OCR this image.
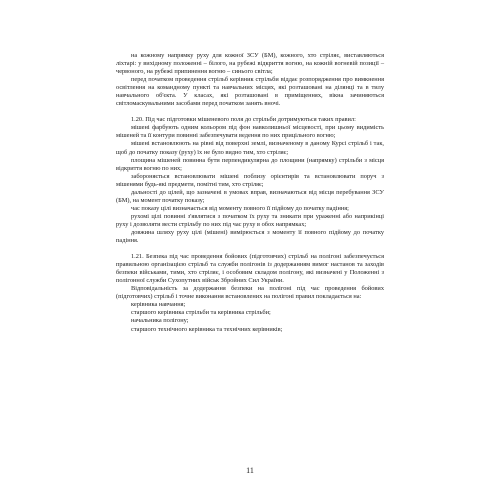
на кожному напрямку руху для кожної ЗСУ (БМ), кожного, хто стріляє, виставляються ліхтарі: у вихідному положенні – білого, на рубежі відкриття вогню, на кожній вогневій позиції – червоного, на рубежі припинення вогню – синього світла;

перед початком проведення стрільб керівник стрільби віддає розпорядження про вимкнення освітлення на командному пункті та навчальних місцях, які розташовані на ділянці та в тилу навчального об'єкта. У класах, які розташовані в приміщеннях, вікна зачиняються світломаскувальними засобами перед початком занять вночі.

1.20. Під час підготовки мішеневого поля до стрільби дотримуються таких правил:

мішені фарбують одним кольором під фон навколишньої місцевості, при цьому видимість мішеней та її контури повинні забезпечувати ведення по них прицільного вогню;

мішені встановлюють на рівні від поверхні землі, визначеному в даному Курсі стрільб і так, щоб до початку показу (руху) їх не було видно тим, хто стріляє;

площина мішеней повинна бути перпендикулярна до площини (напрямку) стрільби з місця відкриття вогню по них;

забороняється встановлювати мішені поблизу орієнтирів та встановлювати поруч з мішенями будь-які предмети, помітні тим, хто стріляє;

дальності до цілей, що зазначені в умовах вправ, визначаються від місця перебування ЗСУ (БМ), на момент початку показу;

час показу цілі визначається від моменту повного її підйому до початку падіння;

рухомі цілі повинні з'являтися з початком їх руху та зникати при ураженні або наприкінці руху і дозволяти вести стрільбу по них під час руху в обох напрямках;

довжина шляху руху цілі (мішені) вимірюється з моменту її повного підйому до початку падіння.

1.21. Безпека під час проведення бойових (підготовчих) стрільб на полігоні забезпечується правильною організацією стрільб та служби полігонів із додержанням вимог настанов та заходів безпеки військами, тими, хто стріляє, і особовим складом полігону, які визначені у Положенні з полігонної служби Сухопутних військ Збройних Сил України.

Відповідальність за додержання безпеки на полігоні під час проведення бойових (підготовчих) стрільб і точне виконання встановлених на полігоні правил покладається на:

керівника навчання;

старшого керівника стрільби та керівника стрільби;

начальника полігону;

старшого технічного керівника та технічних керівників;

11
